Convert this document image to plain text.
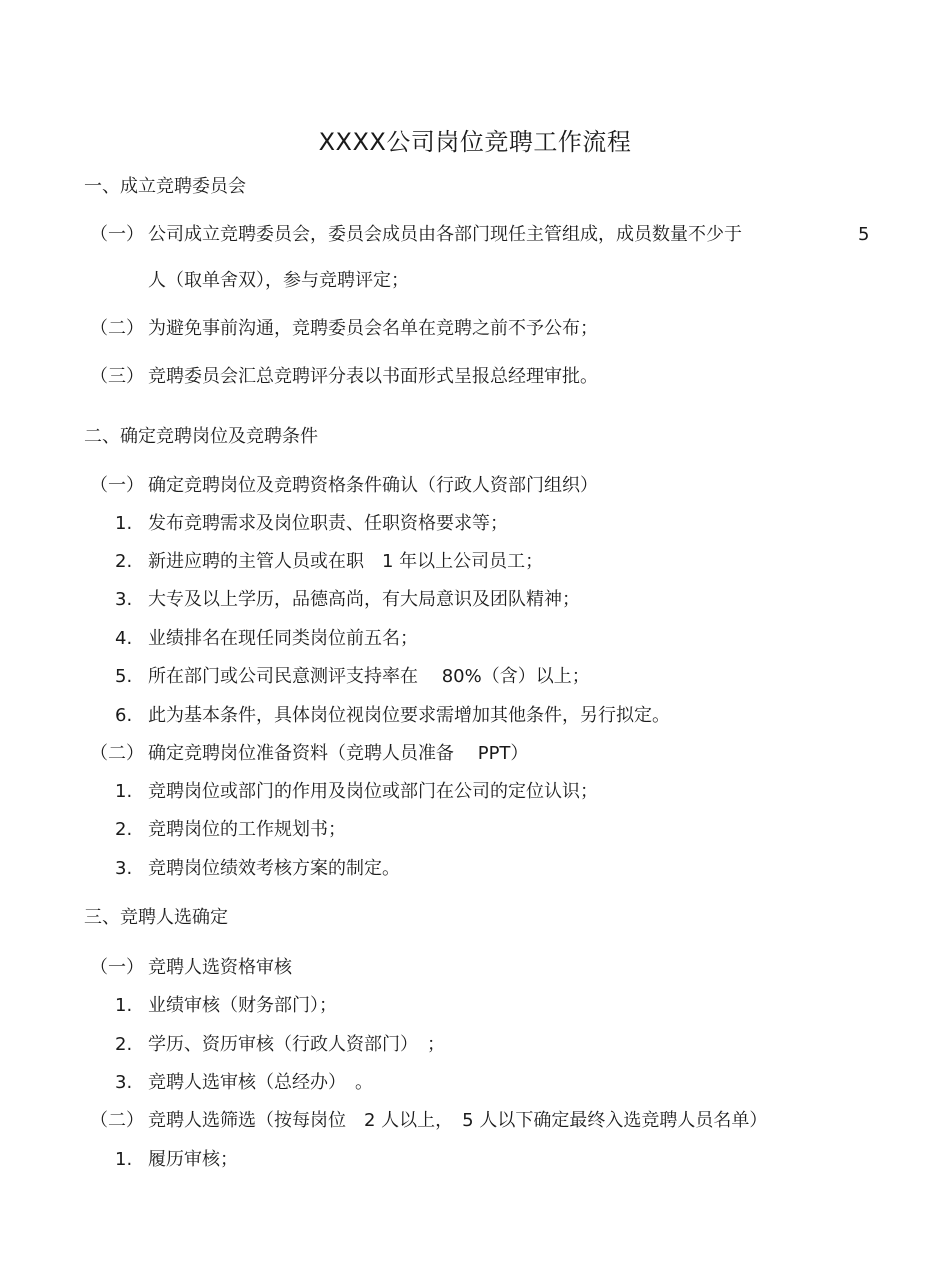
XXXX公司岗位竞聘工作流程
一、成立竞聘委员会
（一） 公司成立竞聘委员会，委员会成员由各部门现任主管组成，成员数量不少于	5
人（取单舍双），参与竞聘评定；
（二） 为避免事前沟通，竞聘委员会名单在竞聘之前不予公布；
（三） 竞聘委员会汇总竞聘评分表以书面形式呈报总经理审批。
二、确定竞聘岗位及竞聘条件
（一） 确定竞聘岗位及竞聘资格条件确认（行政人资部门组织）
1. 发布竞聘需求及岗位职责、任职资格要求等；
2. 新进应聘的主管人员或在职　1 年以上公司员工；
3. 大专及以上学历，品德高尚，有大局意识及团队精神；
4. 业绩排名在现任同类岗位前五名；
5. 所在部门或公司民意测评支持率在　 80%（含）以上；
6. 此为基本条件，具体岗位视岗位要求需增加其他条件，另行拟定。
（二） 确定竞聘岗位准备资料（竞聘人员准备　 PPT）
1. 竞聘岗位或部门的作用及岗位或部门在公司的定位认识；
2. 竞聘岗位的工作规划书；
3. 竞聘岗位绩效考核方案的制定。
三、竞聘人选确定
（一） 竞聘人选资格审核
1. 业绩审核（财务部门）；
2. 学历、资历审核（行政人资部门）　；
3. 竞聘人选审核（总经办）　。
（二） 竞聘人选筛选（按每岗位　2 人以上，　5 人以下确定最终入选竞聘人员名单）
1. 履历审核；
